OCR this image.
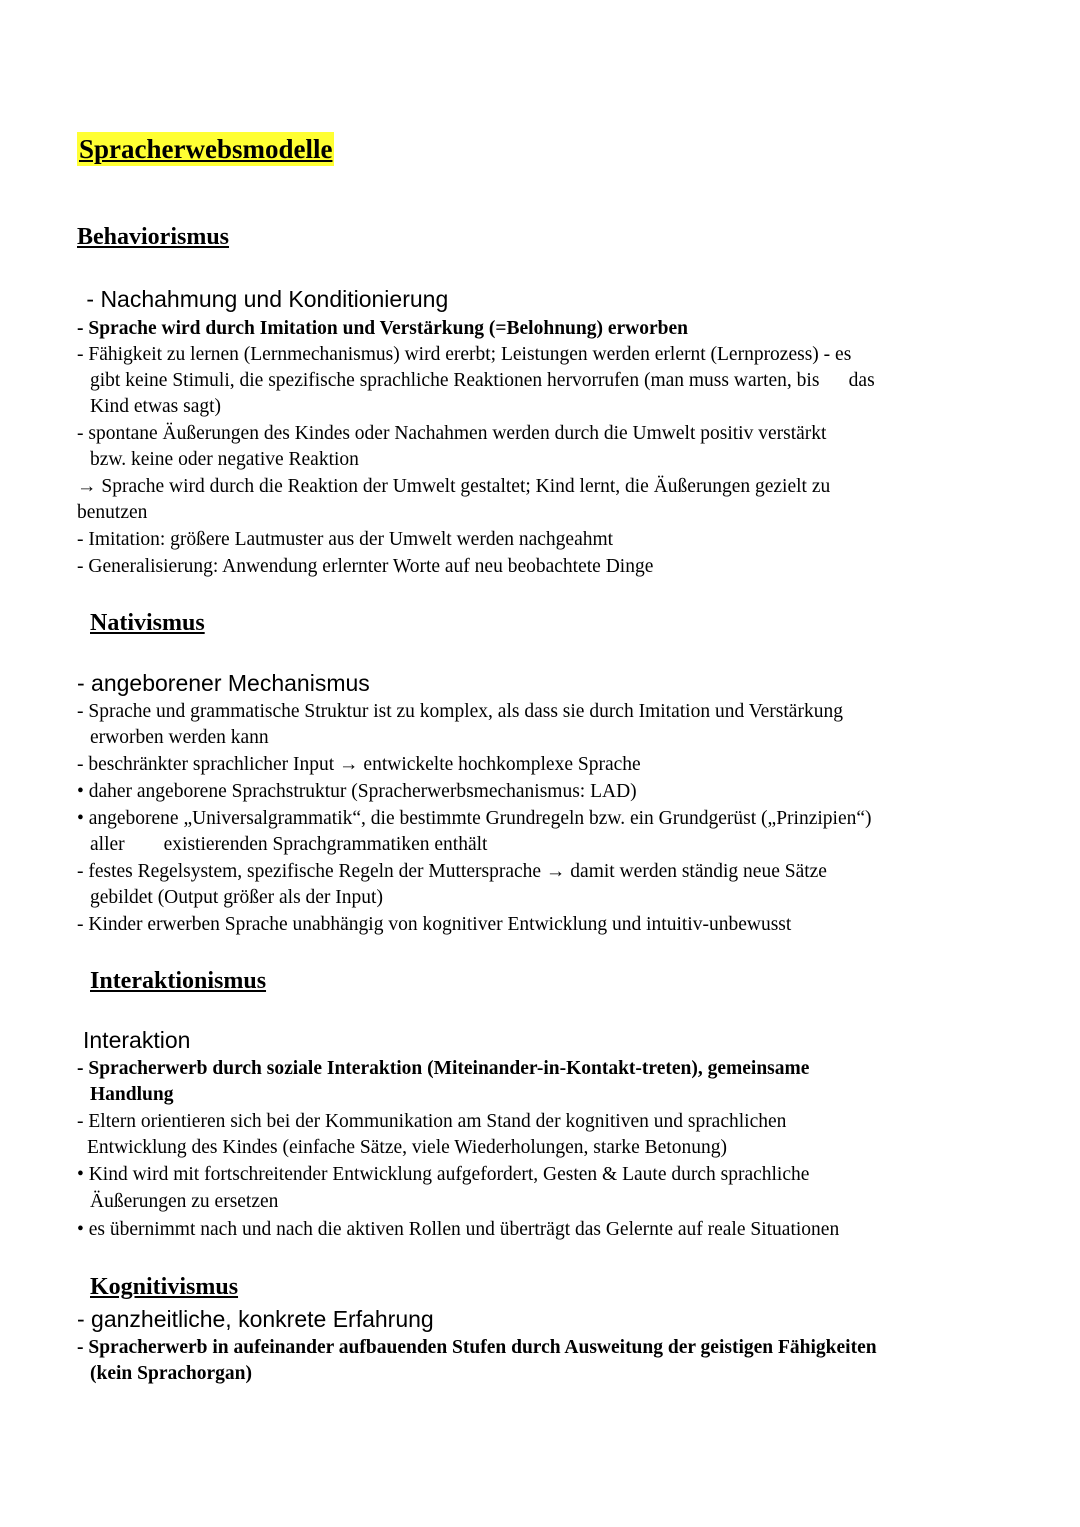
Spracherwebsmodelle
Behaviorismus
- Nachahmung und Konditionierung
- Sprache wird durch Imitation und Verstärkung (=Belohnung) erworben
- Fähigkeit zu lernen (Lernmechanismus) wird ererbt; Leistungen werden erlernt (Lernprozess) - es
gibt keine Stimuli, die spezifische sprachliche Reaktionen hervorrufen (man muss warten, bis      das
Kind etwas sagt)
- spontane Äußerungen des Kindes oder Nachahmen werden durch die Umwelt positiv verstärkt
bzw. keine oder negative Reaktion
→ Sprache wird durch die Reaktion der Umwelt gestaltet; Kind lernt, die Äußerungen gezielt zu
benutzen
- Imitation: größere Lautmuster aus der Umwelt werden nachgeahmt
- Generalisierung: Anwendung erlernter Worte auf neu beobachtete Dinge
Nativismus
- angeborener Mechanismus
- Sprache und grammatische Struktur ist zu komplex, als dass sie durch Imitation und Verstärkung
erworben werden kann
- beschränkter sprachlicher Input → entwickelte hochkomplexe Sprache
• daher angeborene Sprachstruktur (Spracherwerbsmechanismus: LAD)
• angeborene „Universalgrammatik“, die bestimmte Grundregeln bzw. ein Grundgerüst („Prinzipien“)
aller        existierenden Sprachgrammatiken enthält
- festes Regelsystem, spezifische Regeln der Muttersprache → damit werden ständig neue Sätze
gebildet (Output größer als der Input)
- Kinder erwerben Sprache unabhängig von kognitiver Entwicklung und intuitiv-unbewusst
Interaktionismus
Interaktion
- Spracherwerb durch soziale Interaktion (Miteinander-in-Kontakt-treten), gemeinsame
Handlung
- Eltern orientieren sich bei der Kommunikation am Stand der kognitiven und sprachlichen
Entwicklung des Kindes (einfache Sätze, viele Wiederholungen, starke Betonung)
• Kind wird mit fortschreitender Entwicklung aufgefordert, Gesten & Laute durch sprachliche
Äußerungen zu ersetzen
• es übernimmt nach und nach die aktiven Rollen und überträgt das Gelernte auf reale Situationen
Kognitivismus
- ganzheitliche, konkrete Erfahrung
- Spracherwerb in aufeinander aufbauenden Stufen durch Ausweitung der geistigen Fähigkeiten
(kein Sprachorgan)
